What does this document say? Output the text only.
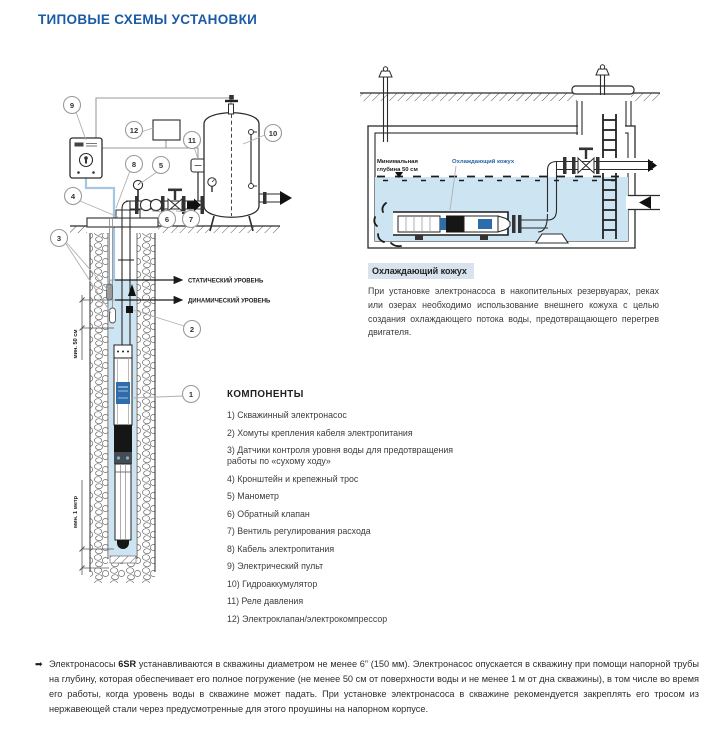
ТИПОВЫЕ СХЕМЫ УСТАНОВКИ
СТАТИЧЕСКИЙ УРОВЕНЬ
ДИНАМИЧЕСКИЙ УРОВЕНЬ
мин. 50 см
мин. 1 метр
9
12
11
10
8	5
4
3
6	7
2
1
Минимальная
глубина 50 см
Охлаждающий кожух
Охлаждающий кожух

При установке электронасоса в накопительных резервуарах, реках или озерах необходимо использование внешнего кожуха с целью создания охлаждающего потока воды, предотвращающего перегрев двигателя.

КОМПОНЕНТЫ
1) Скважинный электронасос
2) Хомуты крепления кабеля электропитания
3) Датчики контроля уровня воды для предотвращения работы по «сухому ходу»
4) Кронштейн и крепежный трос
5) Манометр
6) Обратный клапан
7) Вентиль регулирования расхода
8) Кабель электропитания
9) Электрический пульт
10) Гидроаккумулятор
11) Реле давления
12) Электроклапан/электрокомпрессор
➡ Электронасосы 6SR устанавливаются в скважины диаметром не менее 6” (150 мм). Электронасос опускается в скважину при помощи напорной трубы на глубину, которая обеспечивает его полное погружение (не менее 50 см от поверхности воды и не менее 1 м от дна скважины), в том числе во время его работы, когда уровень воды в скважине может падать. При установке электронасоса в скважине рекомендуется закреплять его тросом из нержавеющей стали через предусмотренные для этого проушины на напорном корпусе.
